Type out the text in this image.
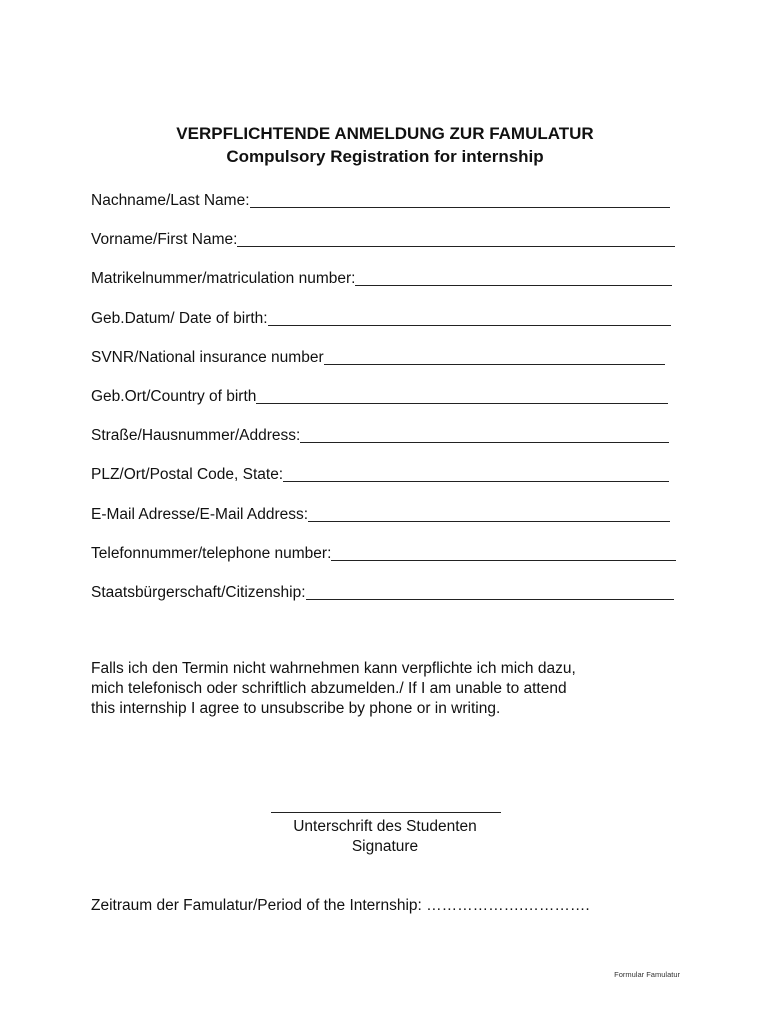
VERPFLICHTENDE ANMELDUNG ZUR FAMULATUR
Compulsory Registration for internship
Nachname/Last Name:
Vorname/First Name:
Matrikelnummer/matriculation number:
Geb.Datum/ Date of birth:
SVNR/National insurance number
Geb.Ort/Country of birth
Straße/Hausnummer/Address:
PLZ/Ort/Postal Code, State:
E-Mail Adresse/E-Mail Address:
Telefonnummer/telephone number:
Staatsbürgerschaft/Citizenship:
Falls ich den Termin nicht wahrnehmen kann verpflichte ich mich dazu,
mich telefonisch oder schriftlich abzumelden./ If I am unable to attend
this internship I agree to unsubscribe by phone or in writing.
Unterschrift des Studenten
Signature
Zeitraum der Famulatur/Period of the Internship: ……………….………….
Formular Famulatur
